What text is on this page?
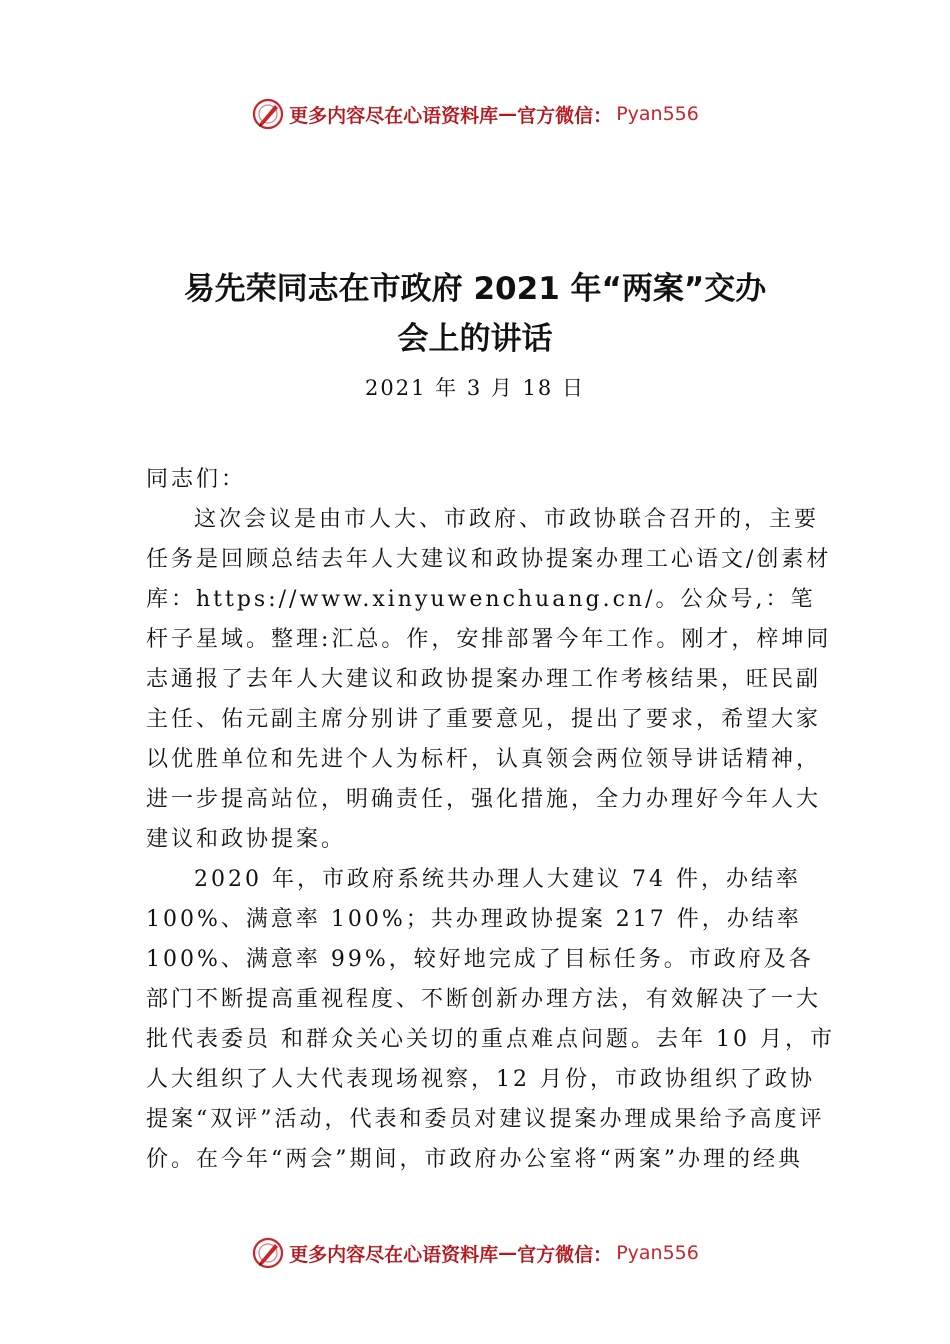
更多内容尽在心语资料库 — 官方微信： Pyan556
易先荣同志在市政府 2021 年“两案”交办
会上的讲话
2021 年 3 月 18 日

同志们：

这次会议是由市人大、市政府、市政协联合召开的，主要任务是回顾总结去年人大建议和政协提案办理工心语文/创素材库：https://www.xinyuwenchuang.cn/。公众号,：笔杆子星域。整理:汇总。作，安排部署今年工作。刚才，梓坤同志通报了去年人大建议和政协提案办理工作考核结果，旺民副主任、佑元副主席分别讲了重要意见，提出了要求，希望大家以优胜单位和先进个人为标杆，认真领会两位领导讲话精神，进一步提高站位，明确责任，强化措施，全力办理好今年人大建议和政协提案。

2020 年，市政府系统共办理人大建议 74 件，办结率 100%、满意率 100%；共办理政协提案 217 件，办结率 100%、满意率 99%，较好地完成了目标任务。市政府及各部门不断提高重视程度、不断创新办理方法，有效解决了一大批代表委员 和群众关心关切的重点难点问题。去年 10 月，市人大组织了人大代表现场视察，12 月份，市政协组织了政协提案“双评”活动，代表和委员对建议提案办理成果给予高度评价。在今年“两会”期间，市政府办公室将“两案”办理的经典

更多内容尽在心语资料库 — 官方微信： Pyan556
